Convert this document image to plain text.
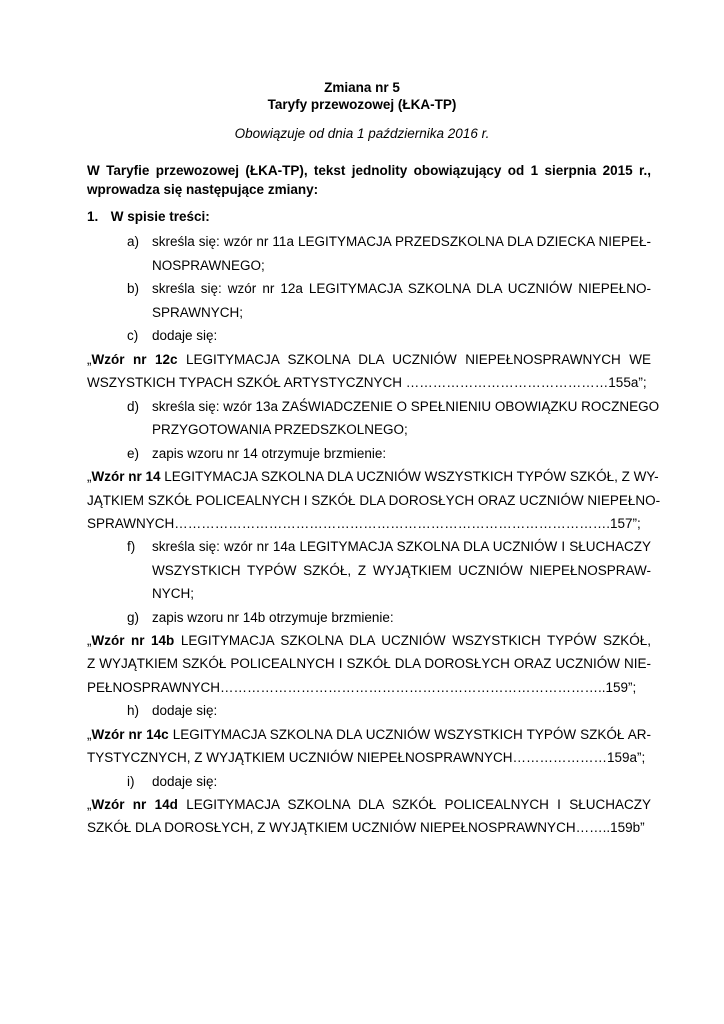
Zmiana nr 5
Taryfy przewozowej (ŁKA-TP)
Obowiązuje od dnia 1 października 2016 r.
W Taryfie przewozowej (ŁKA-TP), tekst jednolity obowiązujący od 1 sierpnia 2015 r., wprowadza się następujące zmiany:
1. W spisie treści:
a) skreśla się: wzór nr 11a LEGITYMACJA PRZEDSZKOLNA DLA DZIECKA NIEPEŁ-
NOSPRAWNEGO;
b) skreśla się: wzór nr 12a LEGITYMACJA SZKOLNA DLA UCZNIÓW NIEPEŁNO-
SPRAWNYCH;
c) dodaje się:
„Wzór nr 12c LEGITYMACJA SZKOLNA DLA UCZNIÓW NIEPEŁNOSPRAWNYCH WE
WSZYSTKICH TYPACH SZKÓŁ ARTYSTYCZNYCH ………………………………………155a”;
d) skreśla się: wzór 13a ZAŚWIADCZENIE O SPEŁNIENIU OBOWIĄZKU ROCZNEGO
PRZYGOTOWANIA PRZEDSZKOLNEGO;
e) zapis wzoru nr 14 otrzymuje brzmienie:
„Wzór nr 14 LEGITYMACJA SZKOLNA DLA UCZNIÓW WSZYSTKICH TYPÓW SZKÓŁ, Z WY-
JĄTKIEM SZKÓŁ POLICEALNYCH I SZKÓŁ DLA DOROSŁYCH ORAZ UCZNIÓW NIEPEŁNO-
SPRAWNYCH…………………………………………………………………………………….157”;
f) skreśla się: wzór nr 14a LEGITYMACJA SZKOLNA DLA UCZNIÓW I SŁUCHACZY
WSZYSTKICH TYPÓW SZKÓŁ, Z WYJĄTKIEM UCZNIÓW NIEPEŁNOSPRAW-
NYCH;
g) zapis wzoru nr 14b otrzymuje brzmienie:
„Wzór nr 14b LEGITYMACJA SZKOLNA DLA UCZNIÓW WSZYSTKICH TYPÓW SZKÓŁ,
Z WYJĄTKIEM SZKÓŁ POLICEALNYCH I SZKÓŁ DLA DOROSŁYCH ORAZ UCZNIÓW NIE-
PEŁNOSPRAWNYCH…………………………………………………………………………..159”;
h) dodaje się:
„Wzór nr 14c LEGITYMACJA SZKOLNA DLA UCZNIÓW WSZYSTKICH TYPÓW SZKÓŁ AR-
TYSTYCZNYCH, Z WYJĄTKIEM UCZNIÓW NIEPEŁNOSPRAWNYCH…………………159a”;
i) dodaje się:
„Wzór nr 14d LEGITYMACJA SZKOLNA DLA SZKÓŁ POLICEALNYCH I SŁUCHACZY
SZKÓŁ DLA DOROSŁYCH, Z WYJĄTKIEM UCZNIÓW NIEPEŁNOSPRAWNYCH……..159b”
